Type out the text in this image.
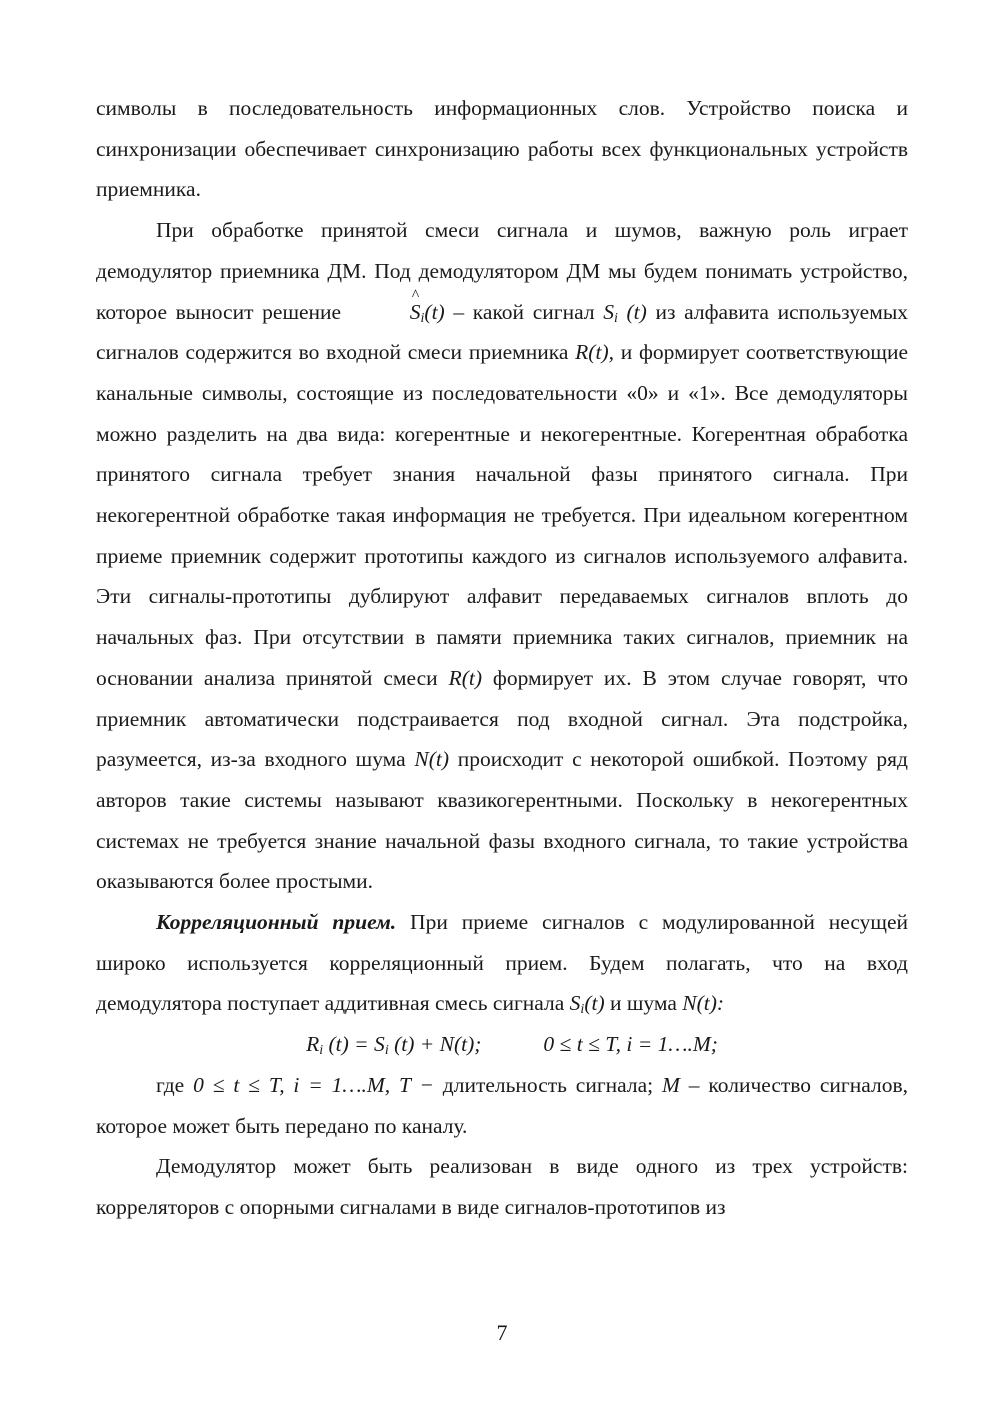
символы в последовательность информационных слов. Устройство поиска и синхронизации обеспечивает синхронизацию работы всех функциональных устройств приемника.

При обработке принятой смеси сигнала и шумов, важную роль играет демодулятор приемника ДМ. Под демодулятором ДМ мы будем понимать устройство, которое выносит решение ^	$S_i(t)$ – какой сигнал $S_i$ (t) из алфавита используемых сигналов содержится во входной смеси приемника R(t), и формирует соответствующие канальные символы, состоящие из последовательности «0» и «1». Все демодуляторы можно разделить на два вида: когерентные и некогерентные. Когерентная обработка принятого сигнала требует знания начальной фазы принятого сигнала. При некогерентной обработке такая информация не требуется. При идеальном когерентном приеме приемник содержит прототипы каждого из сигналов используемого алфавита. Эти сигналы-прототипы дублируют алфавит передаваемых сигналов вплоть до начальных фаз. При отсутствии в памяти приемника таких сигналов, приемник на основании анализа принятой смеси R(t) формирует их. В этом случае говорят, что приемник автоматически подстраивается под входной сигнал. Эта подстройка, разумеется, из-за входного шума N(t) происходит с некоторой ошибкой. Поэтому ряд авторов такие системы называют квазикогерентными. Поскольку в некогерентных системах не требуется знание начальной фазы входного сигнала, то такие устройства оказываются более простыми.

Корреляционный прием. При приеме сигналов с модулированной несущей широко используется корреляционный прием. Будем полагать, что на вход демодулятора поступает аддитивная смесь сигнала $S_i(t)$ и шума N(t):

$R_i$ $(t) = S_i$ (t) + N(t);	0 ≤ t ≤ T, i = 1….M;

где 0 ≤ t ≤ T, i = 1….M, T − длительность сигнала; M – количество сигналов, которое может быть передано по каналу.

Демодулятор может быть реализован в виде одного из трех устройств: корреляторов с опорными сигналами в виде сигналов-прототипов из

7
